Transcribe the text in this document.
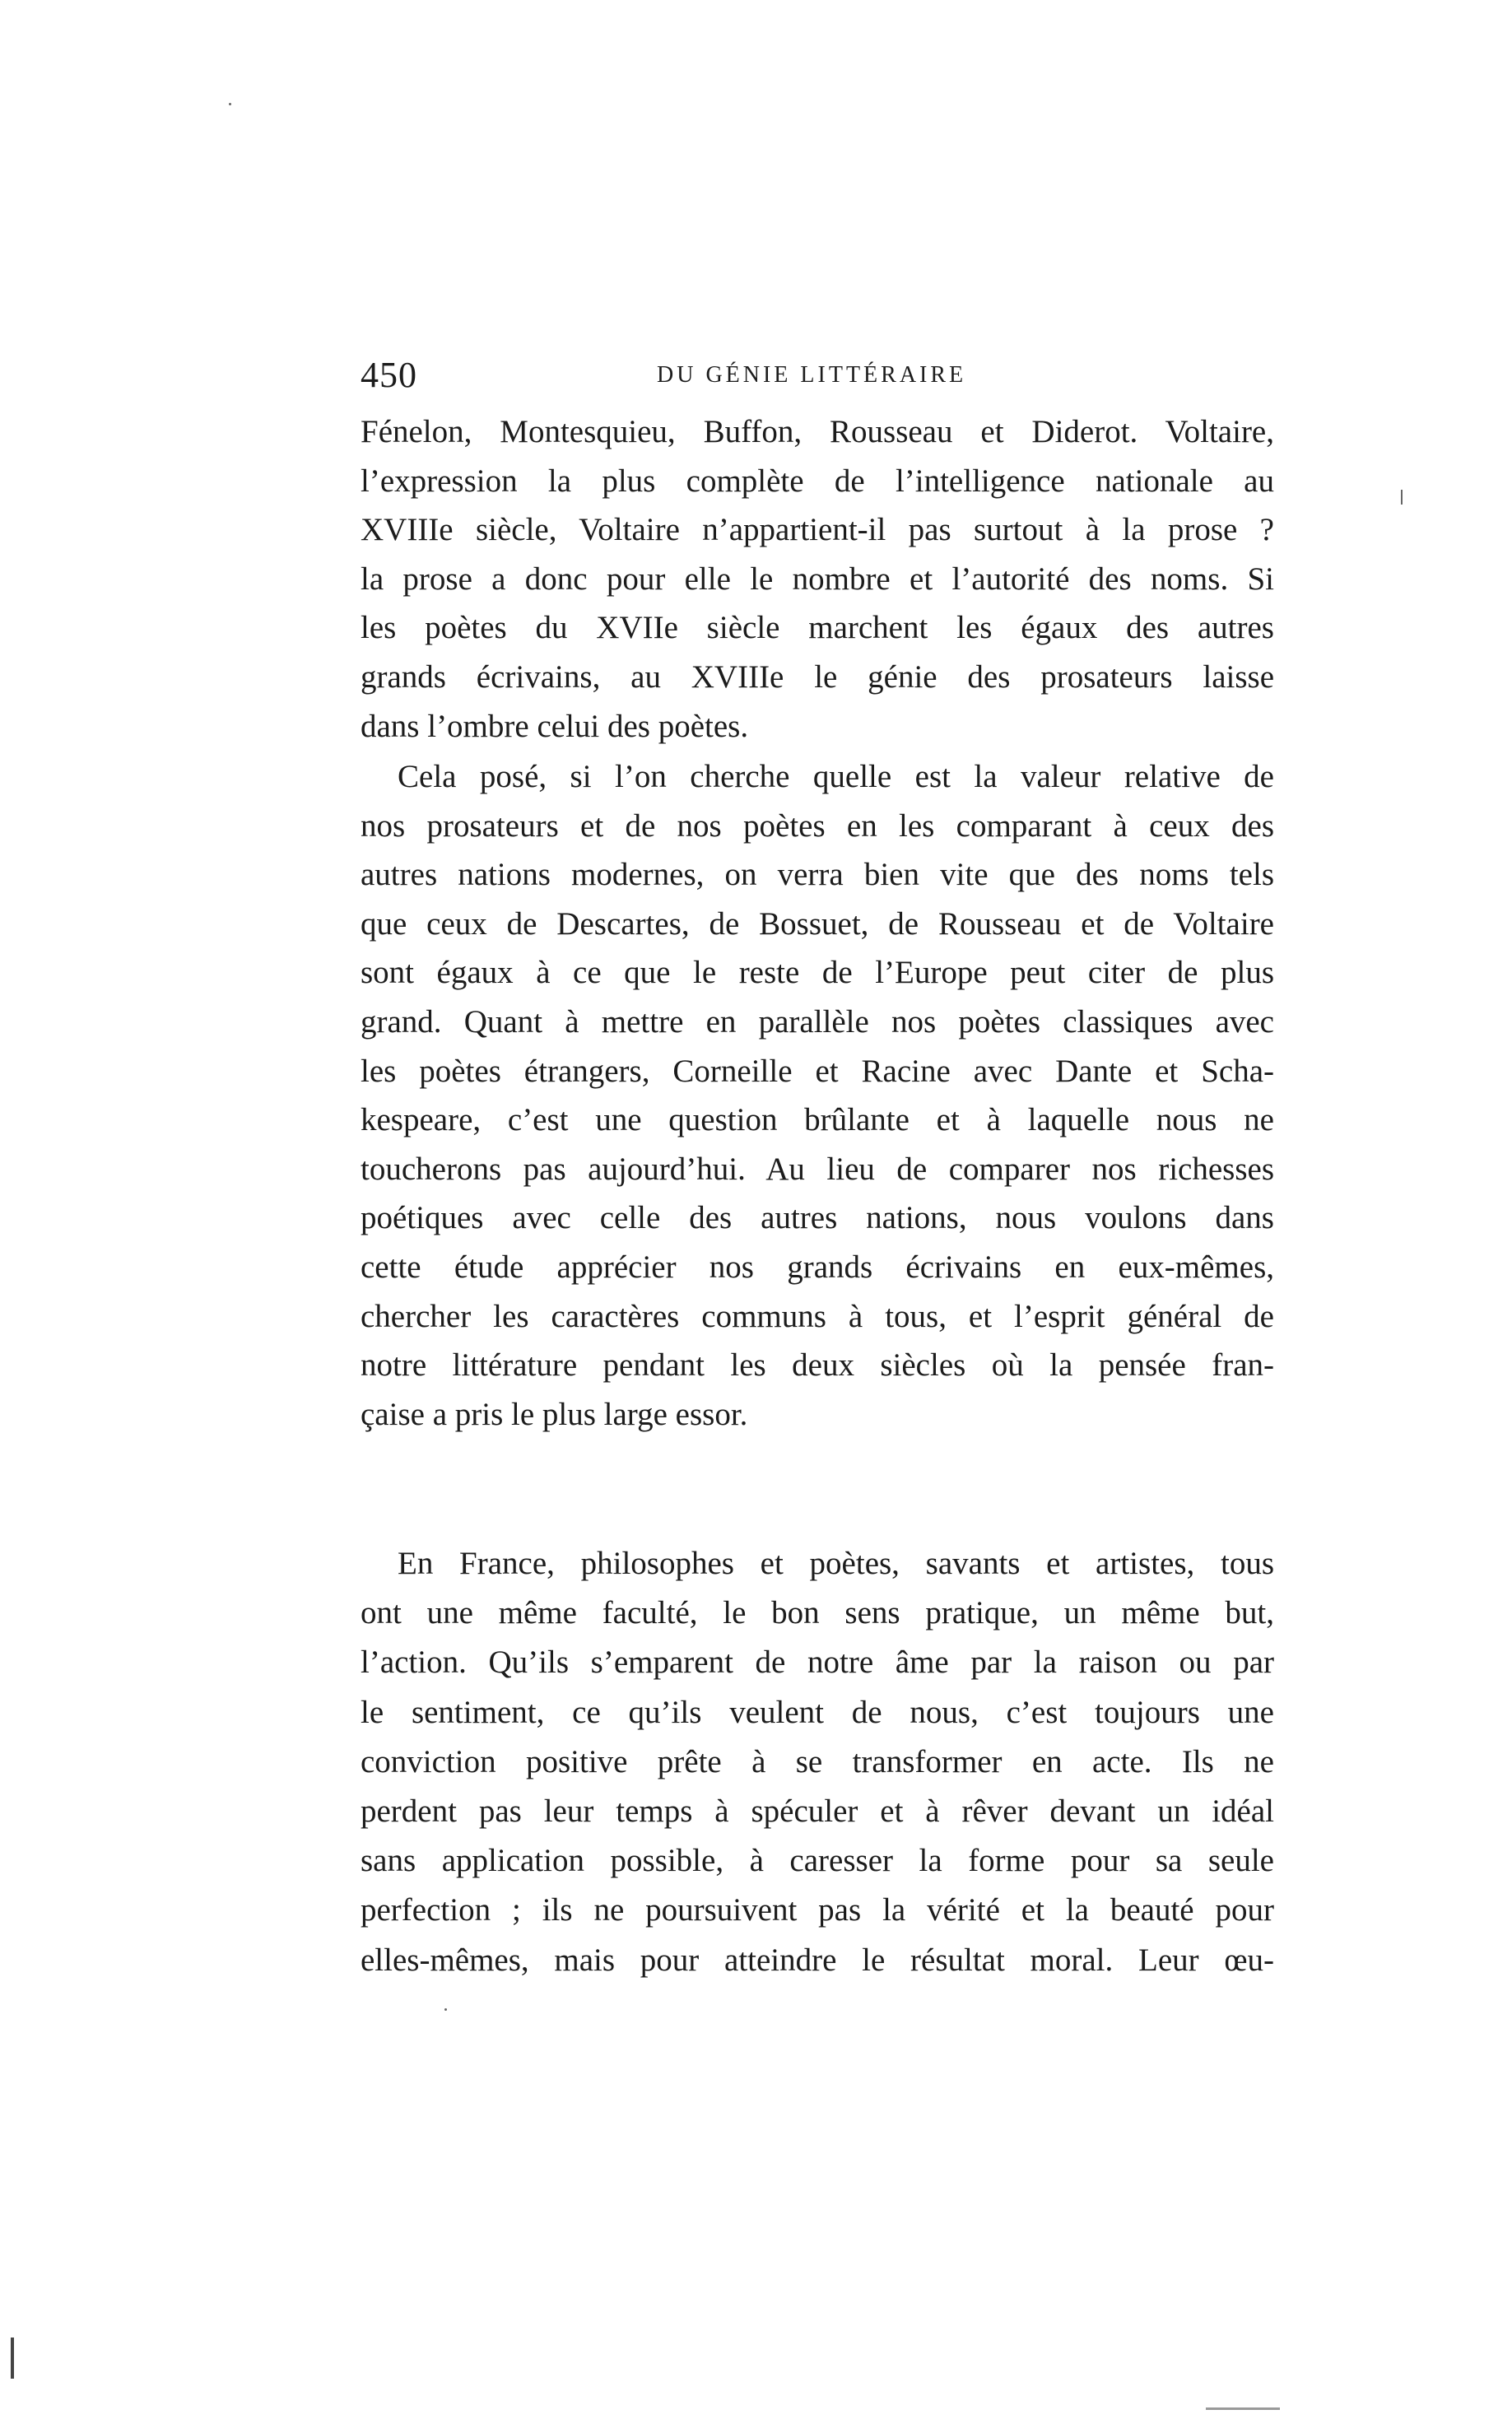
450	DU GÉNIE LITTÉRAIRE
Fénelon, Montesquieu, Buffon, Rousseau et Diderot. Voltaire,
l’expression la plus complète de l’intelligence nationale au
XVIIIe siècle, Voltaire n’appartient-il pas surtout à la prose ?
la prose a donc pour elle le nombre et l’autorité des noms. Si
les poètes du XVIIe siècle marchent les égaux des autres
grands écrivains, au XVIIIe le génie des prosateurs laisse
dans l’ombre celui des poètes.
Cela posé, si l’on cherche quelle est la valeur relative de
nos prosateurs et de nos poètes en les comparant à ceux des
autres nations modernes, on verra bien vite que des noms tels
que ceux de Descartes, de Bossuet, de Rousseau et de Voltaire
sont égaux à ce que le reste de l’Europe peut citer de plus
grand. Quant à mettre en parallèle nos poètes classiques avec
les poètes étrangers, Corneille et Racine avec Dante et Scha-
kespeare, c’est une question brûlante et à laquelle nous ne
toucherons pas aujourd’hui. Au lieu de comparer nos richesses
poétiques avec celle des autres nations, nous voulons dans
cette étude apprécier nos grands écrivains en eux-mêmes,
chercher les caractères communs à tous, et l’esprit général de
notre littérature pendant les deux siècles où la pensée fran-
çaise a pris le plus large essor.
En France, philosophes et poètes, savants et artistes, tous
ont une même faculté, le bon sens pratique, un même but,
l’action. Qu’ils s’emparent de notre âme par la raison ou par
le sentiment, ce qu’ils veulent de nous, c’est toujours une
conviction positive prête à se transformer en acte. Ils ne
perdent pas leur temps à spéculer et à rêver devant un idéal
sans application possible, à caresser la forme pour sa seule
perfection ; ils ne poursuivent pas la vérité et la beauté pour
elles-mêmes, mais pour atteindre le résultat moral. Leur œu-
